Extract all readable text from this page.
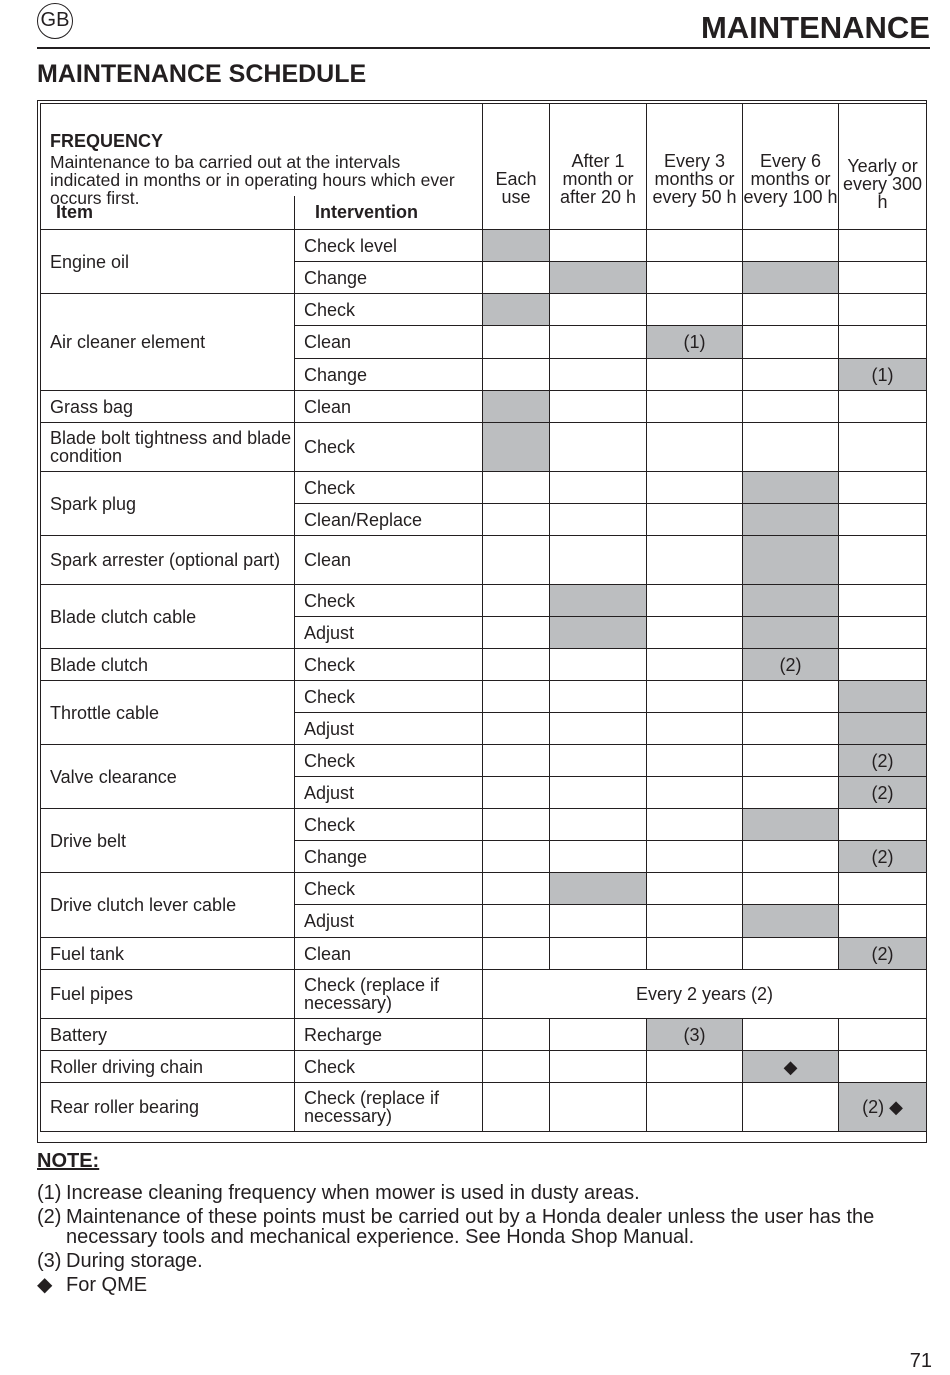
GB	MAINTENANCE
MAINTENANCE SCHEDULE
FREQUENCY
Maintenance to ba carried out at the intervals indicated in months or in operating hours which ever occurs first.
Item Intervention		Each use	After 1 month or after 20 h	Every 3 months or every 50 h	Every 6 months or every 100 h	Yearly or every 300 h
Engine oil	Check level					
	Change					
Air cleaner element	Check					
	Clean			(1)		
	Change					(1)
Grass bag	Clean					
Blade bolt tightness and blade condition	Check					
Spark plug	Check					
	Clean/Replace					
Spark arrester (optional part)	Clean					
Blade clutch cable	Check					
	Adjust					
Blade clutch	Check				(2)	
Throttle cable	Check					
	Adjust					
Valve clearance	Check					(2)
	Adjust					(2)
Drive belt	Check					
	Change					(2)
Drive clutch lever cable	Check					
	Adjust					
Fuel tank	Clean					(2)
Fuel pipes	Check (replace if necessary)	Every 2 years (2)				
Battery	Recharge			(3)		
Roller driving chain	Check				◆	
Rear roller bearing	Check (replace if necessary)					(2) ◆
NOTE:
(1) Increase cleaning frequency when mower is used in dusty areas.
(2) Maintenance of these points must be carried out by a Honda dealer unless the user has the necessary tools and mechanical experience. See Honda Shop Manual.
(3) During storage.
◆ For QME
71
